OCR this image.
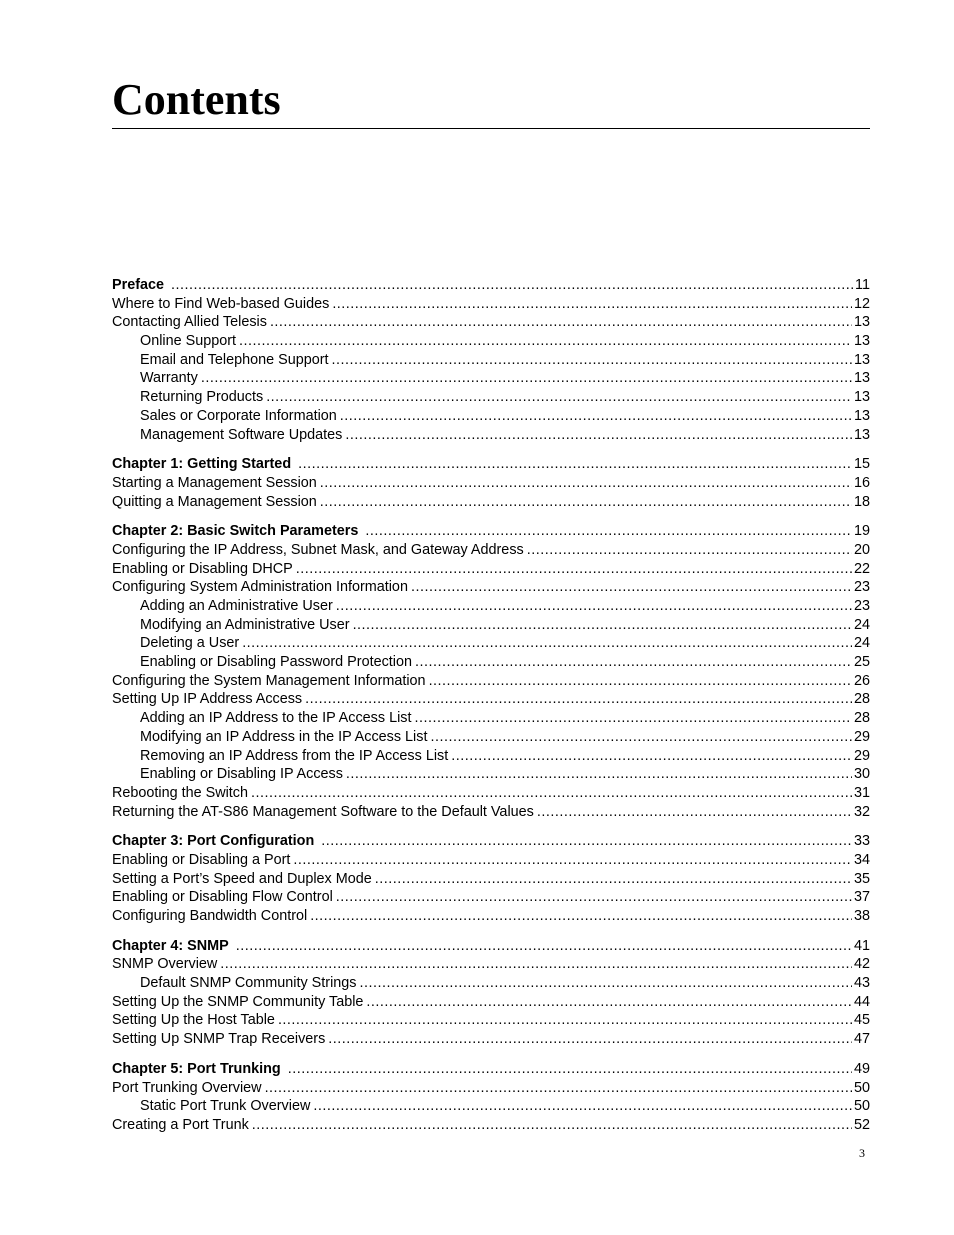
Contents
Preface .....	11
Where to Find Web-based Guides .....	12
Contacting Allied Telesis .....	13
Online Support .....	13
Email and Telephone Support .....	13
Warranty .....	13
Returning Products .....	13
Sales or Corporate Information .....	13
Management Software Updates .....	13
Chapter 1: Getting Started .....	15
Starting a Management Session .....	16
Quitting a Management Session .....	18
Chapter 2: Basic Switch Parameters .....	19
Configuring the IP Address, Subnet Mask, and Gateway Address .....	20
Enabling or Disabling DHCP .....	22
Configuring System Administration Information .....	23
Adding an Administrative User .....	23
Modifying an Administrative User .....	24
Deleting a User .....	24
Enabling or Disabling Password Protection .....	25
Configuring the System Management Information .....	26
Setting Up IP Address Access .....	28
Adding an IP Address to the IP Access List .....	28
Modifying an IP Address in the IP Access List .....	29
Removing an IP Address from the IP Access List .....	29
Enabling or Disabling IP Access .....	30
Rebooting the Switch .....	31
Returning the AT-S86 Management Software to the Default Values .....	32
Chapter 3: Port Configuration .....	33
Enabling or Disabling a Port .....	34
Setting a Port’s Speed and Duplex Mode .....	35
Enabling or Disabling Flow Control .....	37
Configuring Bandwidth Control .....	38
Chapter 4: SNMP .....	41
SNMP Overview .....	42
Default SNMP Community Strings .....	43
Setting Up the SNMP Community Table .....	44
Setting Up the Host Table .....	45
Setting Up SNMP Trap Receivers .....	47
Chapter 5: Port Trunking .....	49
Port Trunking Overview .....	50
Static Port Trunk Overview .....	50
Creating a Port Trunk .....	52
3
